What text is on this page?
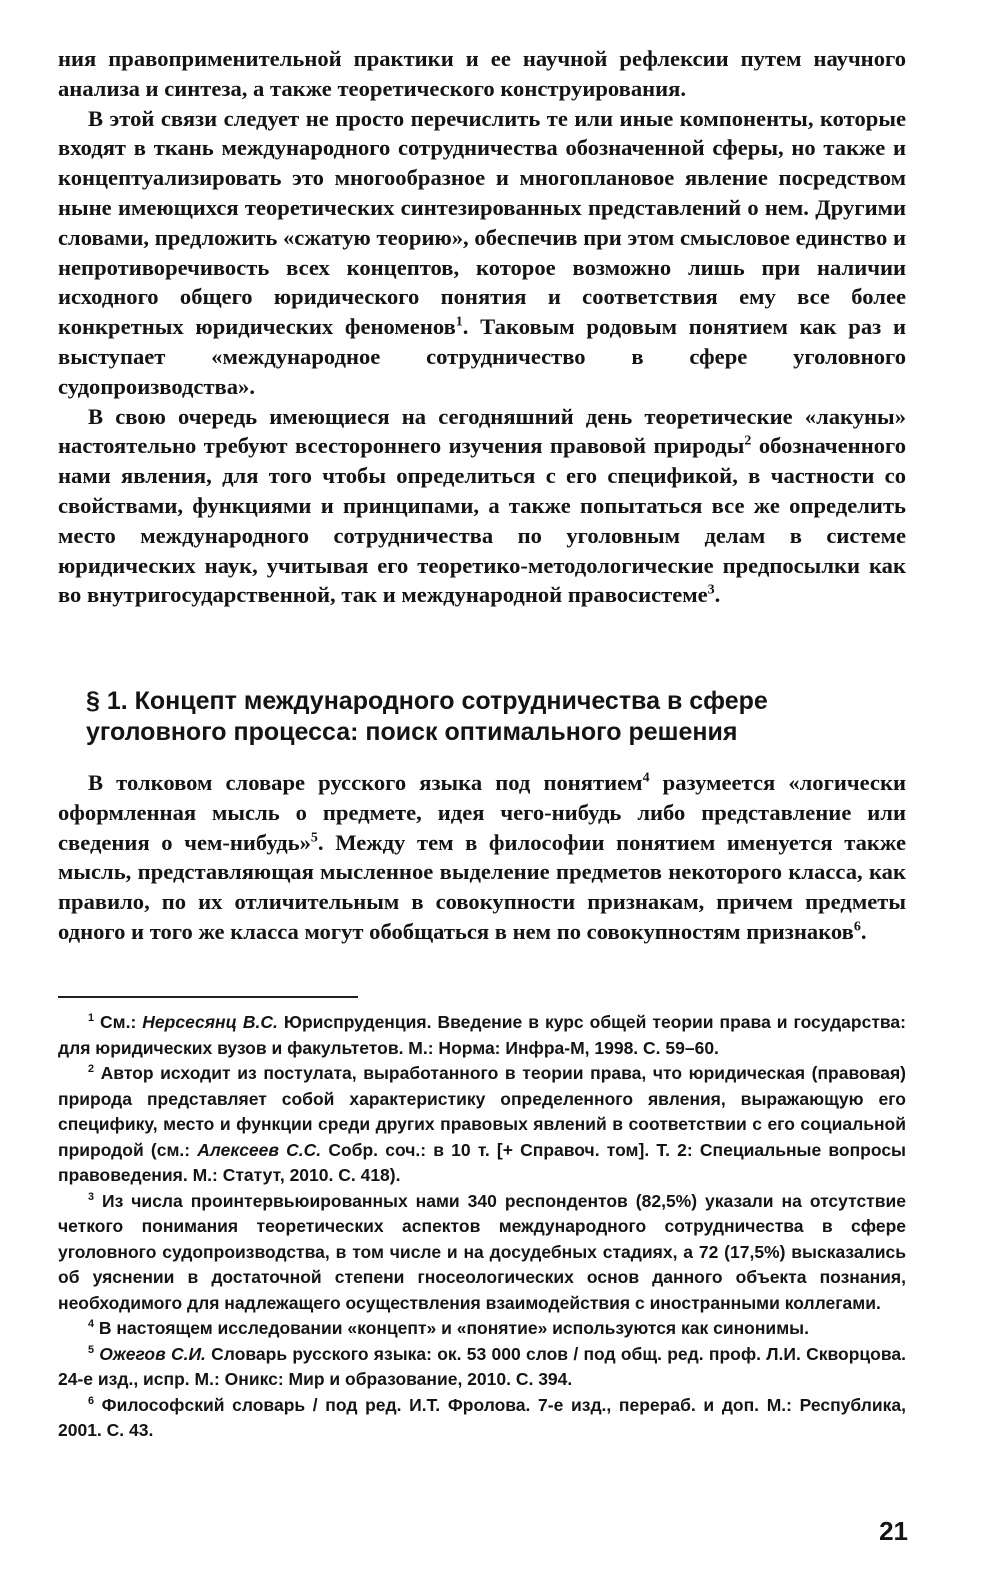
ния правоприменительной практики и ее научной рефлексии путем научного анализа и синтеза, а также теоретического конструирования.

В этой связи следует не просто перечислить те или иные компоненты, которые входят в ткань международного сотрудничества обозначенной сферы, но также и концептуализировать это многообразное и многоплановое явление посредством ныне имеющихся теоретических синтезированных представлений о нем. Другими словами, предложить «сжатую теорию», обеспечив при этом смысловое единство и непротиворечивость всех концептов, которое возможно лишь при наличии исходного общего юридического понятия и соответствия ему все более конкретных юридических феноменов$^1$. Таковым родовым понятием как раз и выступает «международное сотрудничество в сфере уголовного судопроизводства».

В свою очередь имеющиеся на сегодняшний день теоретические «лакуны» настоятельно требуют всестороннего изучения правовой природы$^2$ обозначенного нами явления, для того чтобы определиться с его спецификой, в частности со свойствами, функциями и принципами, а также попытаться все же определить место международного сотрудничества по уголовным делам в системе юридических наук, учитывая его теоретико-методологические предпосылки как во внутригосударственной, так и международной правосистеме$^3$.

§ 1. Концепт международного сотрудничества в сфере уголовного процесса: поиск оптимального решения

В толковом словаре русского языка под понятием$^4$ разумеется «логически оформленная мысль о предмете, идея чего-нибудь либо представление или сведения о чем-нибудь»$^5$. Между тем в философии понятием именуется также мысль, представляющая мысленное выделение предметов некоторого класса, как правило, по их отличительным в совокупности признакам, причем предметы одного и того же класса могут обобщаться в нем по совокупностям признаков$^6$.

$^1$ См.: Нерсесянц В.С. Юриспруденция. Введение в курс общей теории права и государства: для юридических вузов и факультетов. М.: Норма: Инфра-М, 1998. С. 59–60.

$^2$ Автор исходит из постулата, выработанного в теории права, что юридическая (правовая) природа представляет собой характеристику определенного явления, выражающую его специфику, место и функции среди других правовых явлений в соответствии с его социальной природой (см.: Алексеев С.С. Собр. соч.: в 10 т. [+ Справоч. том]. Т. 2: Специальные вопросы правоведения. М.: Статут, 2010. С. 418).

$^3$ Из числа проинтервьюированных нами 340 респондентов (82,5%) указали на отсутствие четкого понимания теоретических аспектов международного сотрудничества в сфере уголовного судопроизводства, в том числе и на досудебных стадиях, а 72 (17,5%) высказались об уяснении в достаточной степени гносеологических основ данного объекта познания, необходимого для надлежащего осуществления взаимодействия с иностранными коллегами.

$^4$ В настоящем исследовании «концепт» и «понятие» используются как синонимы.

$^5$ Ожегов С.И. Словарь русского языка: ок. 53 000 слов / под общ. ред. проф. Л.И. Скворцова. 24-е изд., испр. М.: Оникс: Мир и образование, 2010. С. 394.

$^6$ Философский словарь / под ред. И.Т. Фролова. 7-е изд., перераб. и доп. М.: Республика, 2001. С. 43.

21
